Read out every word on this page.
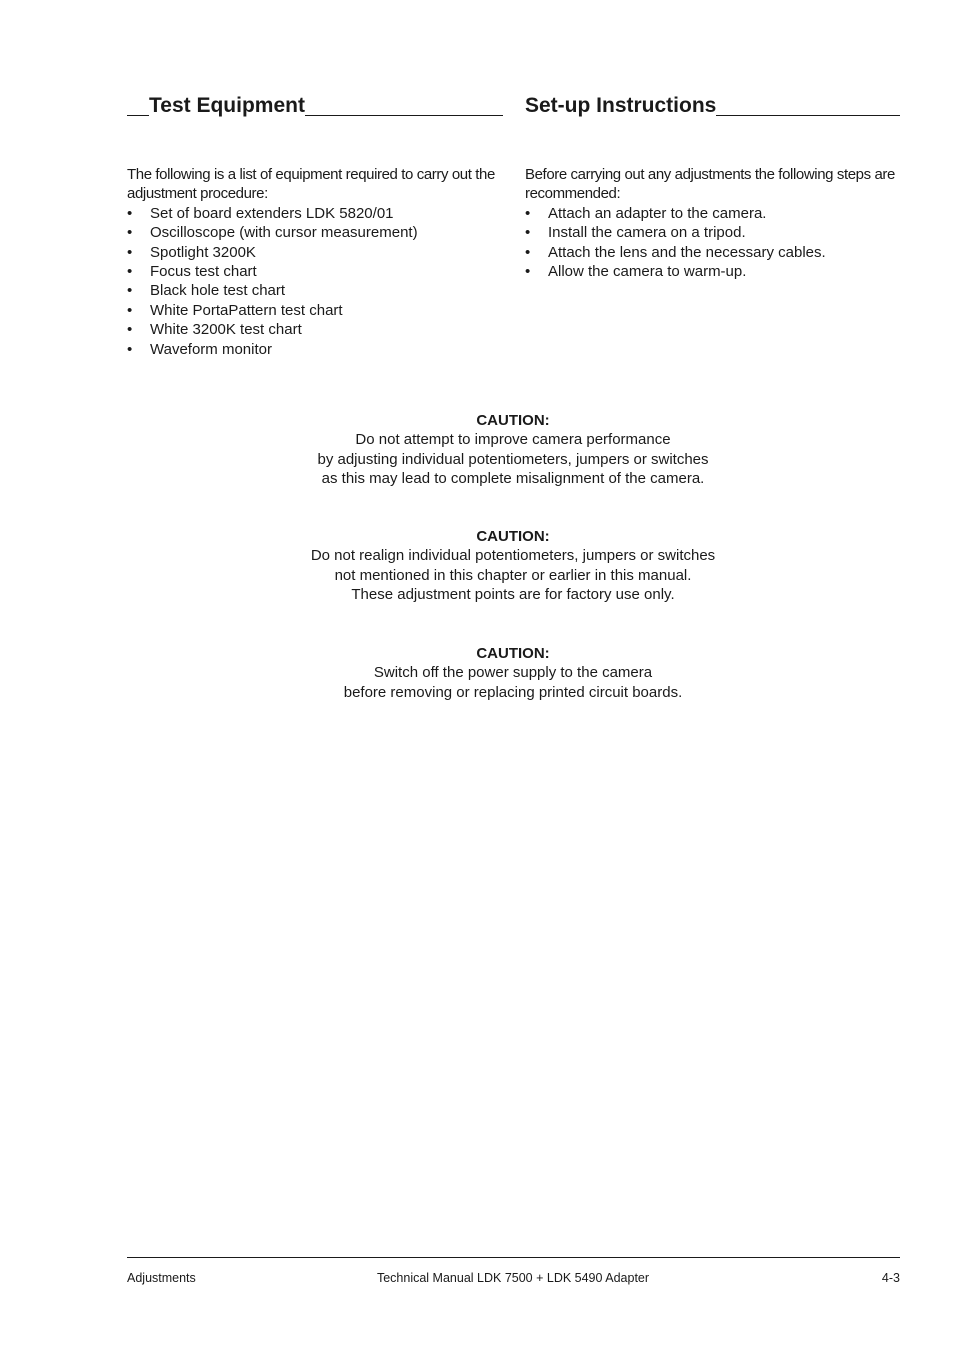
Test Equipment
The following is a list of equipment required to carry out the adjustment procedure:
• Set of board extenders LDK 5820/01
• Oscilloscope (with cursor measurement)
• Spotlight 3200K
• Focus test chart
• Black hole test chart
• White PortaPattern test chart
• White 3200K test chart
• Waveform monitor
Set-up Instructions
Before carrying out any adjustments the following steps are recommended:
• Attach an adapter to the camera.
• Install the camera on a tripod.
• Attach the lens and the necessary cables.
• Allow the camera to warm-up.
CAUTION:
Do not attempt to improve camera performance
by adjusting individual potentiometers, jumpers or switches
as this may lead to complete misalignment of the camera.
CAUTION:
Do not realign individual potentiometers, jumpers or switches
not mentioned in this chapter or earlier in this manual.
These adjustment points are for factory use only.
CAUTION:
Switch off the power supply to the camera
before removing or replacing printed circuit boards.
Adjustments	Technical Manual LDK 7500 + LDK 5490 Adapter	4-3
